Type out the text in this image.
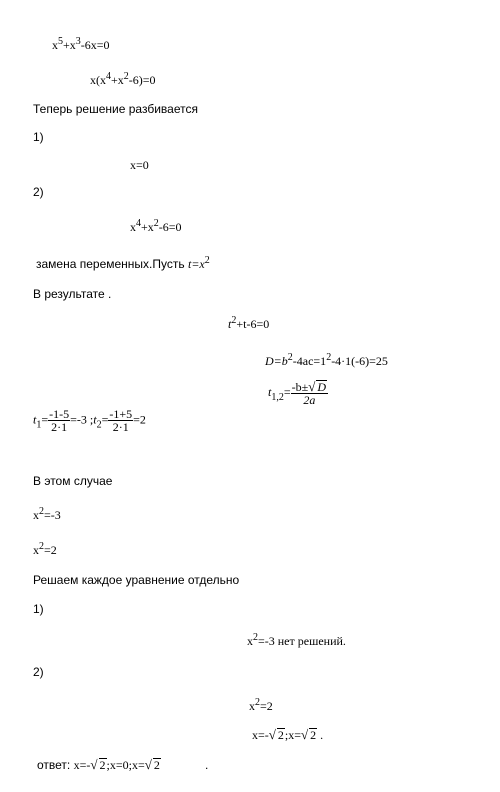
$x^5+x^3-6x=0$
$x(x^4+x^2-6)=0$
Теперь решение разбивается
1)
x=0
2)
$x^4+x^2-6=0$
замена переменных.Пусть $t=x^2$
В результате .
$t^2+t-6=0$
$D=b^2-4ac=1^2-4\cdot 1(-6)=25$
$t_{1,2}= \frac{-b\pm√ D}{2a}$
$t_1= \frac{-1-5}{2\cdot 1} =-3$ $;t_2= \frac{-1+5}{2\cdot 1} =2$
В этом случае
$x^2=-3$
$x^2=2$
Решаем каждое уравнение отдельно
1)
$x^2=-3$ нет решений.
2)
$x^2=2$
x=-√ 2;x=√ 2 .
ответ: x=-√ 2;x=0;x=√ 2	.
